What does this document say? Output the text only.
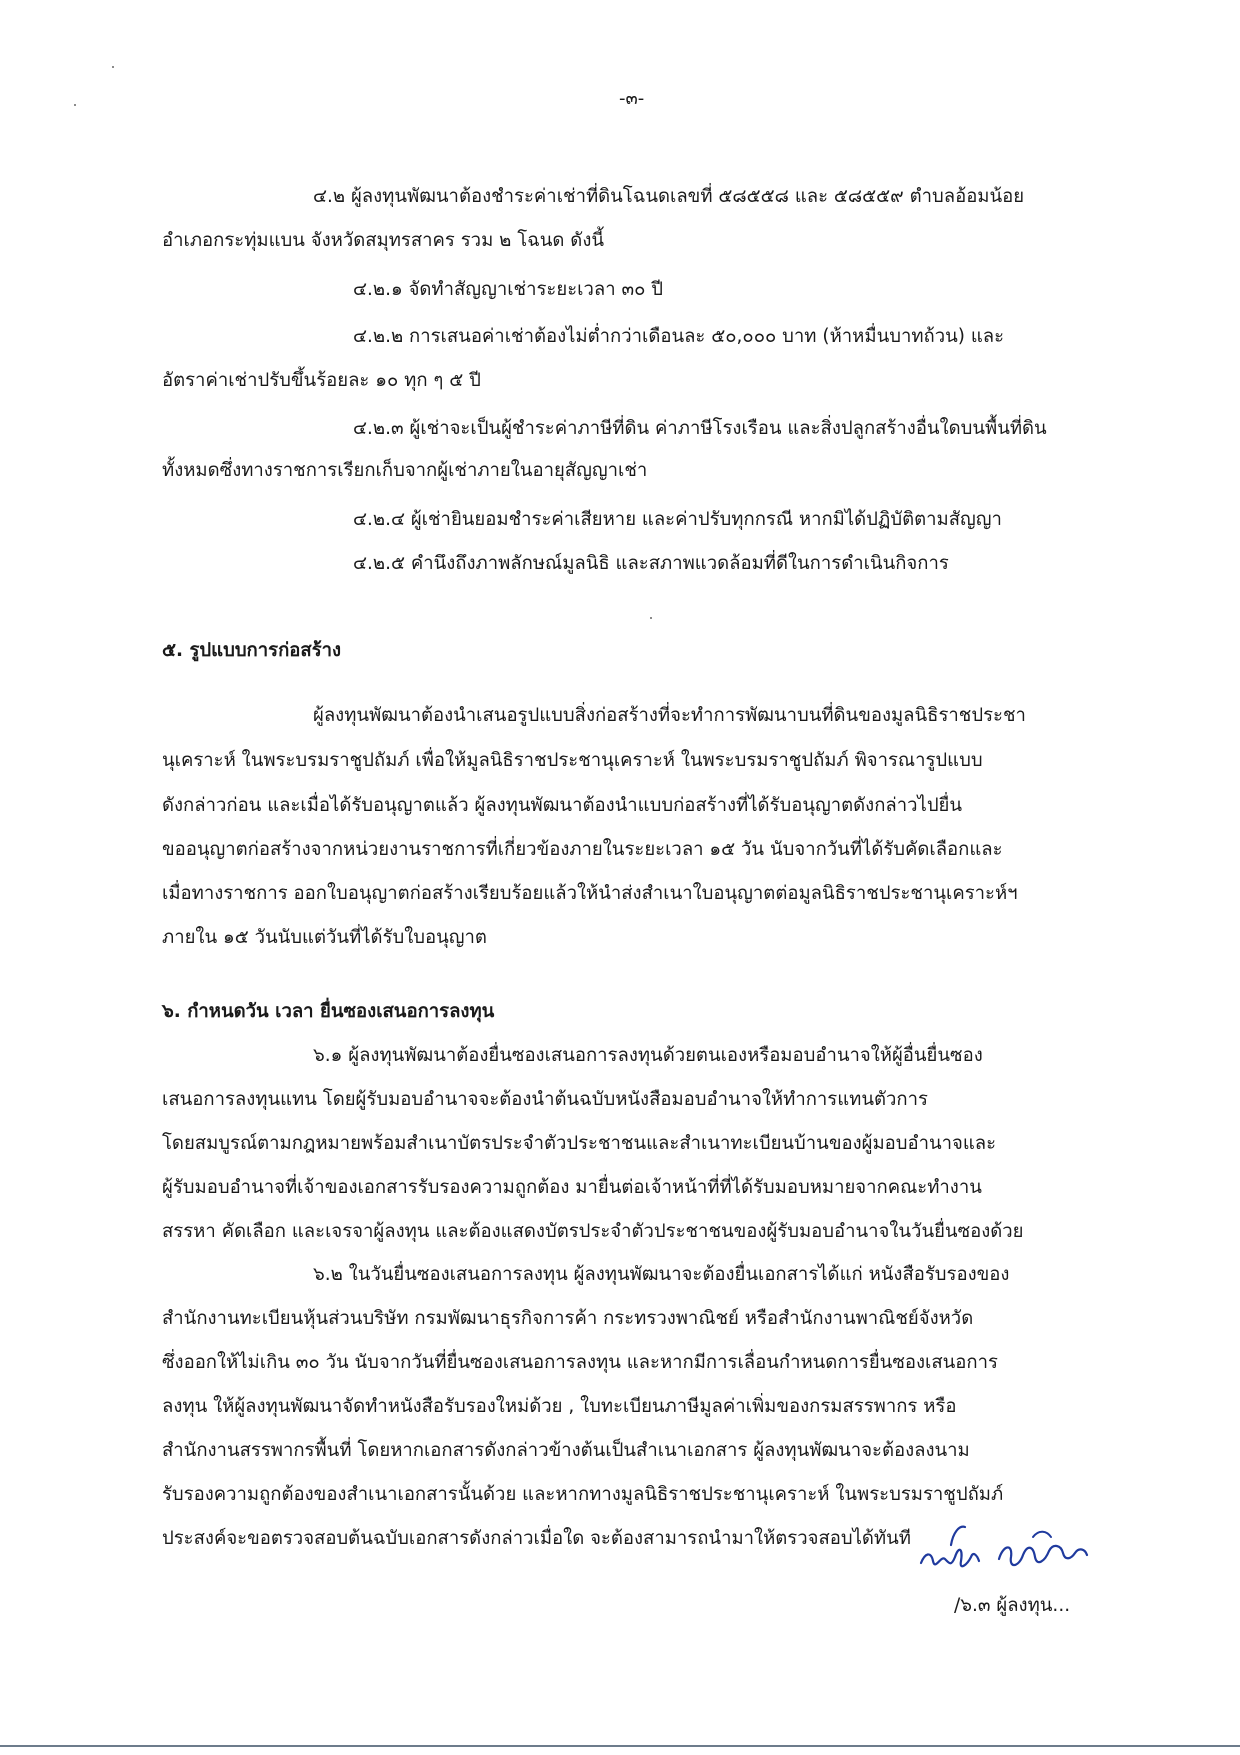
-๓-
๔.๒ ผู้ลงทุนพัฒนาต้องชำระค่าเช่าที่ดินโฉนดเลขที่ ๕๘๕๕๘ และ ๕๘๕๕๙ ตำบลอ้อมน้อย
อำเภอกระทุ่มแบน จังหวัดสมุทรสาคร รวม ๒ โฉนด ดังนี้
๔.๒.๑ จัดทำสัญญาเช่าระยะเวลา ๓๐ ปี
๔.๒.๒ การเสนอค่าเช่าต้องไม่ต่ำกว่าเดือนละ ๕๐,๐๐๐ บาท (ห้าหมื่นบาทถ้วน) และ
อัตราค่าเช่าปรับขึ้นร้อยละ ๑๐ ทุก ๆ ๕ ปี
๔.๒.๓ ผู้เช่าจะเป็นผู้ชำระค่าภาษีที่ดิน ค่าภาษีโรงเรือน และสิ่งปลูกสร้างอื่นใดบนพื้นที่ดิน
ทั้งหมดซึ่งทางราชการเรียกเก็บจากผู้เช่าภายในอายุสัญญาเช่า
๔.๒.๔ ผู้เช่ายินยอมชำระค่าเสียหาย และค่าปรับทุกกรณี หากมิได้ปฏิบัติตามสัญญา
๔.๒.๕ คำนึงถึงภาพลักษณ์มูลนิธิ และสภาพแวดล้อมที่ดีในการดำเนินกิจการ
๕. รูปแบบการก่อสร้าง
ผู้ลงทุนพัฒนาต้องนำเสนอรูปแบบสิ่งก่อสร้างที่จะทำการพัฒนาบนที่ดินของมูลนิธิราชประชา
นุเคราะห์ ในพระบรมราชูปถัมภ์ เพื่อให้มูลนิธิราชประชานุเคราะห์ ในพระบรมราชูปถัมภ์ พิจารณารูปแบบ
ดังกล่าวก่อน และเมื่อได้รับอนุญาตแล้ว ผู้ลงทุนพัฒนาต้องนำแบบก่อสร้างที่ได้รับอนุญาตดังกล่าวไปยื่น
ขออนุญาตก่อสร้างจากหน่วยงานราชการที่เกี่ยวข้องภายในระยะเวลา ๑๕ วัน นับจากวันที่ได้รับคัดเลือกและ
เมื่อทางราชการ ออกใบอนุญาตก่อสร้างเรียบร้อยแล้วให้นำส่งสำเนาใบอนุญาตต่อมูลนิธิราชประชานุเคราะห์ฯ
ภายใน ๑๕ วันนับแต่วันที่ได้รับใบอนุญาต
๖. กำหนดวัน เวลา ยื่นซองเสนอการลงทุน
๖.๑ ผู้ลงทุนพัฒนาต้องยื่นซองเสนอการลงทุนด้วยตนเองหรือมอบอำนาจให้ผู้อื่นยื่นซอง
เสนอการลงทุนแทน โดยผู้รับมอบอำนาจจะต้องนำต้นฉบับหนังสือมอบอำนาจให้ทำการแทนตัวการ
โดยสมบูรณ์ตามกฎหมายพร้อมสำเนาบัตรประจำตัวประชาชนและสำเนาทะเบียนบ้านของผู้มอบอำนาจและ
ผู้รับมอบอำนาจที่เจ้าของเอกสารรับรองความถูกต้อง มายื่นต่อเจ้าหน้าที่ที่ได้รับมอบหมายจากคณะทำงาน
สรรหา คัดเลือก และเจรจาผู้ลงทุน และต้องแสดงบัตรประจำตัวประชาชนของผู้รับมอบอำนาจในวันยื่นซองด้วย
๖.๒ ในวันยื่นซองเสนอการลงทุน ผู้ลงทุนพัฒนาจะต้องยื่นเอกสารได้แก่ หนังสือรับรองของ
สำนักงานทะเบียนหุ้นส่วนบริษัท กรมพัฒนาธุรกิจการค้า กระทรวงพาณิชย์ หรือสำนักงานพาณิชย์จังหวัด
ซึ่งออกให้ไม่เกิน ๓๐ วัน นับจากวันที่ยื่นซองเสนอการลงทุน และหากมีการเลื่อนกำหนดการยื่นซองเสนอการ
ลงทุน ให้ผู้ลงทุนพัฒนาจัดทำหนังสือรับรองใหม่ด้วย , ใบทะเบียนภาษีมูลค่าเพิ่มของกรมสรรพากร หรือ
สำนักงานสรรพากรพื้นที่ โดยหากเอกสารดังกล่าวข้างต้นเป็นสำเนาเอกสาร ผู้ลงทุนพัฒนาจะต้องลงนาม
รับรองความถูกต้องของสำเนาเอกสารนั้นด้วย และหากทางมูลนิธิราชประชานุเคราะห์ ในพระบรมราชูปถัมภ์
ประสงค์จะขอตรวจสอบต้นฉบับเอกสารดังกล่าวเมื่อใด จะต้องสามารถนำมาให้ตรวจสอบได้ทันที
/๖.๓ ผู้ลงทุน...
